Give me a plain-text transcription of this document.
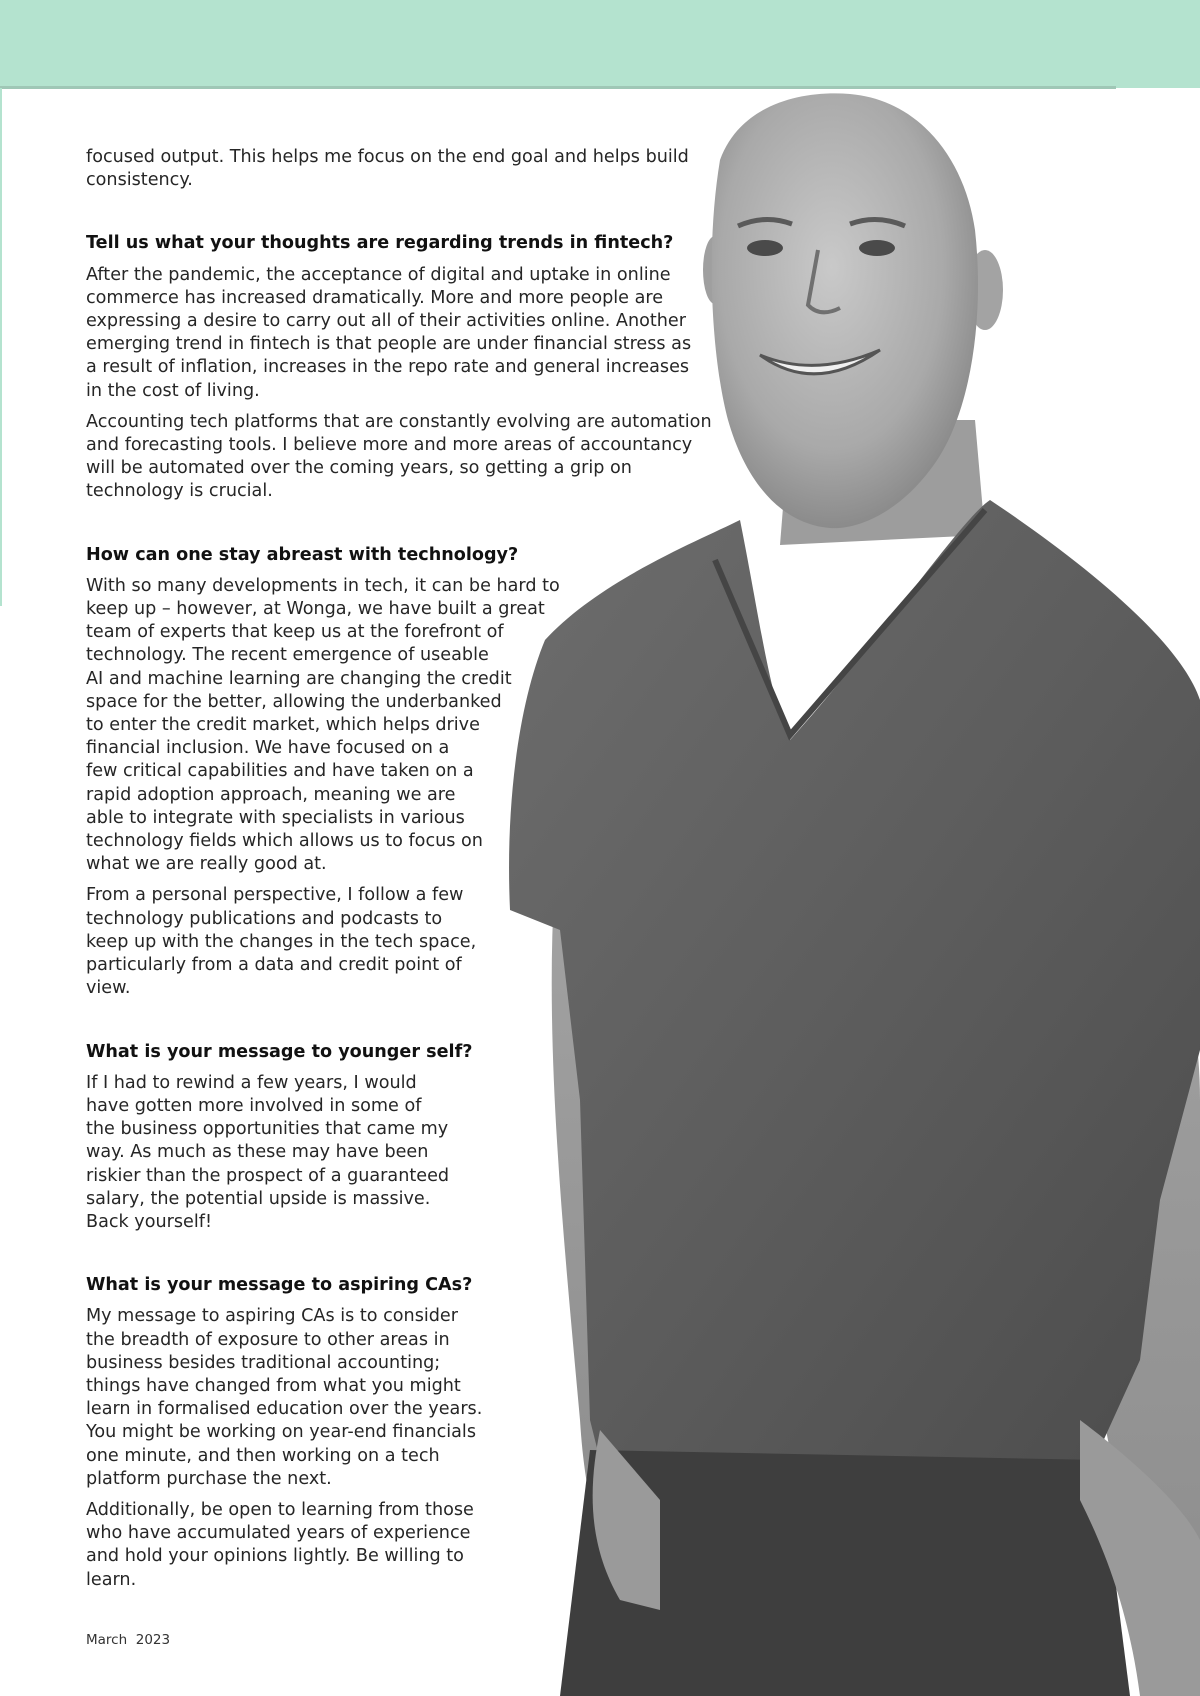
focused output. This helps me focus on the end goal and helps build
consistency.

Tell us what your thoughts are regarding trends in fintech?

After the pandemic, the acceptance of digital and uptake in online
commerce has increased dramatically. More and more people are
expressing a desire to carry out all of their activities online. Another
emerging trend in fintech is that people are under financial stress as
a result of inflation, increases in the repo rate and general increases
in the cost of living.

Accounting tech platforms that are constantly evolving are automation
and forecasting tools. I believe more and more areas of accountancy
will be automated over the coming years, so getting a grip on
technology is crucial.

How can one stay abreast with technology?

With so many developments in tech, it can be hard to
keep up – however, at Wonga, we have built a great
team of experts that keep us at the forefront of
technology. The recent emergence of useable
AI and machine learning are changing the credit
space for the better, allowing the underbanked
to enter the credit market, which helps drive
financial inclusion. We have focused on a
few critical capabilities and have taken on a
rapid adoption approach, meaning we are
able to integrate with specialists in various
technology fields which allows us to focus on
what we are really good at.

From a personal perspective, I follow a few
technology publications and podcasts to
keep up with the changes in the tech space,
particularly from a data and credit point of
view.

What is your message to younger self?

If I had to rewind a few years, I would
have gotten more involved in some of
the business opportunities that came my
way. As much as these may have been
riskier than the prospect of a guaranteed
salary, the potential upside is massive.
Back yourself!

What is your message to aspiring CAs?

My message to aspiring CAs is to consider
the breadth of exposure to other areas in
business besides traditional accounting;
things have changed from what you might
learn in formalised education over the years.
You might be working on year-end financials
one minute, and then working on a tech
platform purchase the next.

Additionally, be open to learning from those
who have accumulated years of experience
and hold your opinions lightly. Be willing to
learn.

March  2023
